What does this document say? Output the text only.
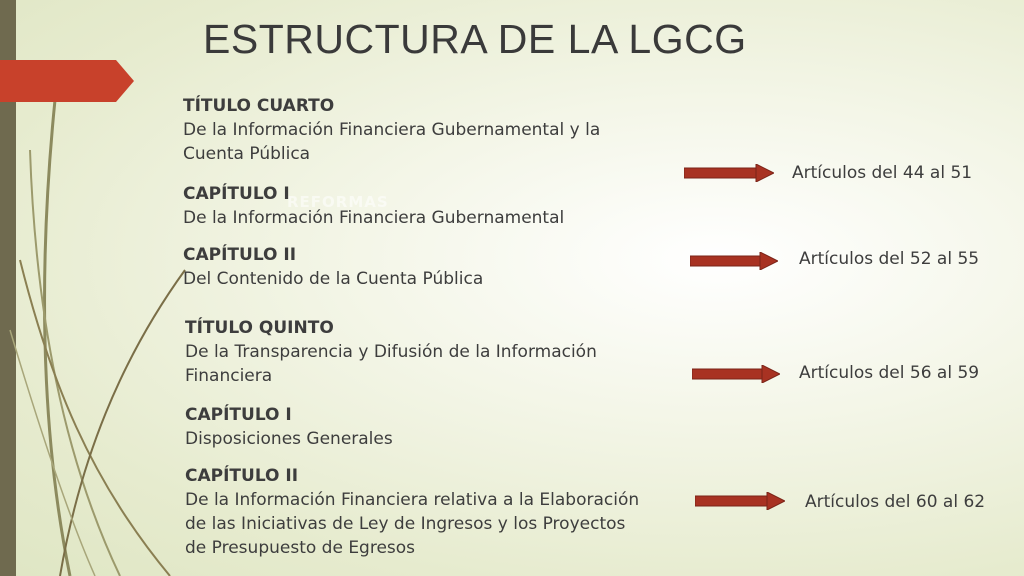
ESTRUCTURA DE LA LGCG
REFORMAS
TÍTULO CUARTO
De la Información Financiera Gubernamental y la Cuenta Pública
CAPÍTULO I
De la Información Financiera Gubernamental
CAPÍTULO II
Del Contenido de la Cuenta Pública
TÍTULO QUINTO
De la Transparencia y Difusión de la Información Financiera
CAPÍTULO I
Disposiciones Generales
CAPÍTULO II
De la Información Financiera relativa a la Elaboración de las Iniciativas de Ley de Ingresos y los Proyectos de Presupuesto de Egresos
Artículos del 44 al 51
Artículos del 52 al 55
Artículos del 56 al 59
Artículos del 60 al 62
